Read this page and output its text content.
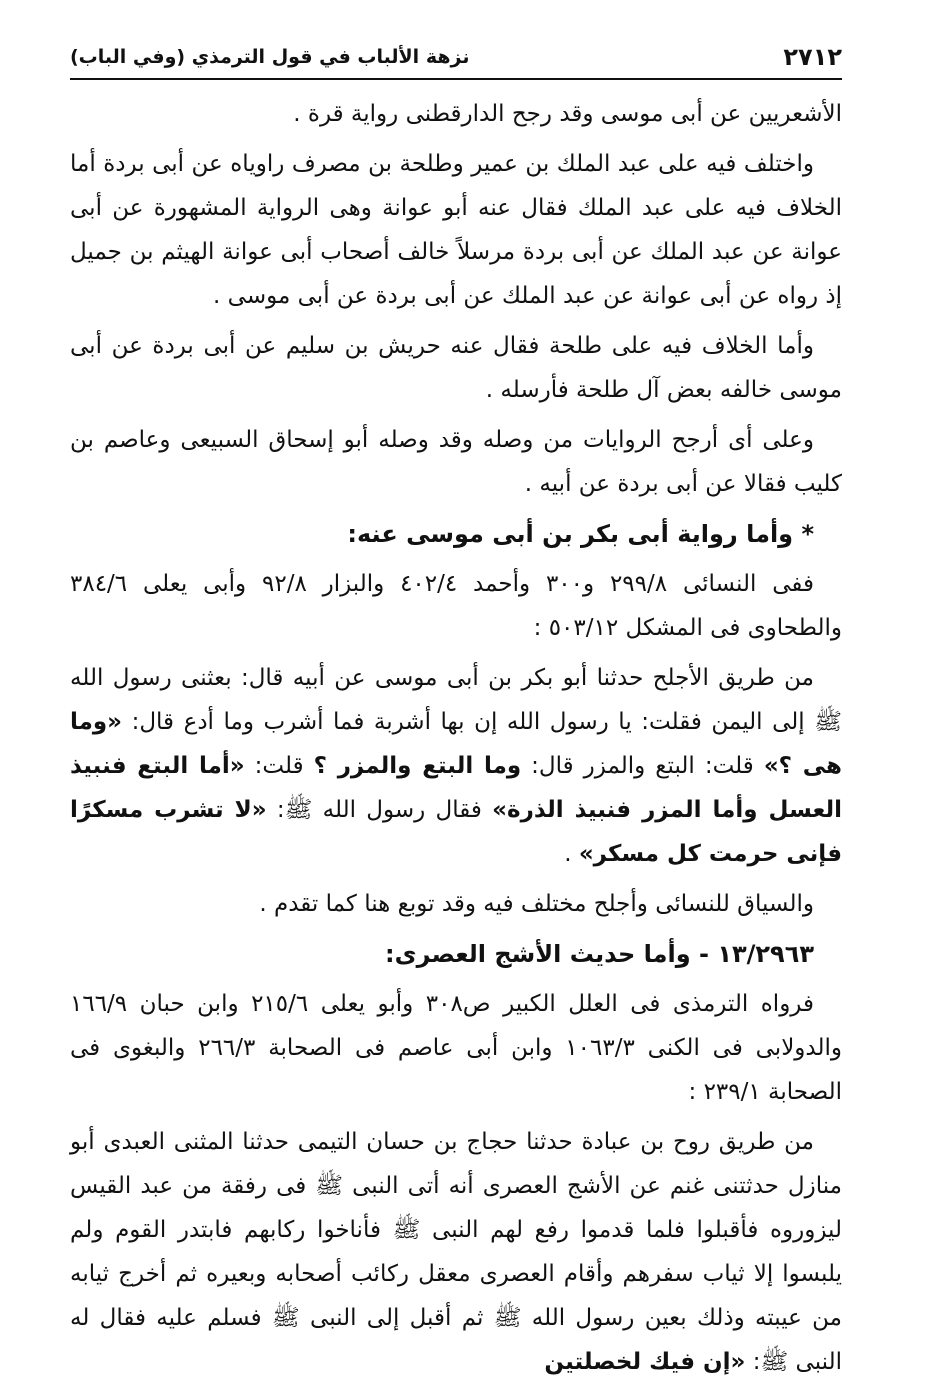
٢٧١٢
نزهة الألباب في قول الترمذي (وفي الباب)

الأشعريين عن أبى موسى وقد رجح الدارقطنى رواية قرة .

واختلف فيه على عبد الملك بن عمير وطلحة بن مصرف راوياه عن أبى بردة أما الخلاف فيه على عبد الملك فقال عنه أبو عوانة وهى الرواية المشهورة عن أبى عوانة عن عبد الملك عن أبى بردة مرسلاً خالف أصحاب أبى عوانة الهيثم بن جميل إذ رواه عن أبى عوانة عن عبد الملك عن أبى بردة عن أبى موسى .

وأما الخلاف فيه على طلحة فقال عنه حريش بن سليم عن أبى بردة عن أبى موسى خالفه بعض آل طلحة فأرسله .

وعلى أى أرجح الروايات من وصله وقد وصله أبو إسحاق السبيعى وعاصم بن كليب فقالا عن أبى بردة عن أبيه .

* وأما رواية أبى بكر بن أبى موسى عنه:

ففى النسائى ٢٩٩/٨ و٣٠٠ وأحمد ٤٠٢/٤ والبزار ٩٢/٨ وأبى يعلى ٣٨٤/٦ والطحاوى فى المشكل ٥٠٣/١٢ :

من طريق الأجلح حدثنا أبو بكر بن أبى موسى عن أبيه قال: بعثنى رسول الله ﷺ إلى اليمن فقلت: يا رسول الله إن بها أشربة فما أشرب وما أدع قال: «وما هى ؟» قلت: البتع والمزر قال: وما البتع والمزر ؟ قلت: «أما البتع فنبيذ العسل وأما المزر فنبيذ الذرة» فقال رسول الله ﷺ: «لا تشرب مسكرًا فإنى حرمت كل مسكر» .

والسياق للنسائى وأجلح مختلف فيه وقد توبع هنا كما تقدم .

١٣/٢٩٦٣ - وأما حديث الأشج العصرى:

فرواه الترمذى فى العلل الكبير ص٣٠٨ وأبو يعلى ٢١٥/٦ وابن حبان ١٦٦/٩ والدولابى فى الكنى ١٠٦٣/٣ وابن أبى عاصم فى الصحابة ٢٦٦/٣ والبغوى فى الصحابة ٢٣٩/١ :

من طريق روح بن عبادة حدثنا حجاج بن حسان التيمى حدثنا المثنى العبدى أبو منازل حدثتنى غنم عن الأشج العصرى أنه أتى النبى ﷺ فى رفقة من عبد القيس ليزوروه فأقبلوا فلما قدموا رفع لهم النبى ﷺ فأناخوا ركابهم فابتدر القوم ولم يلبسوا إلا ثياب سفرهم وأقام العصرى معقل ركائب أصحابه وبعيره ثم أخرج ثيابه من عيبته وذلك بعين رسول الله ﷺ ثم أقبل إلى النبى ﷺ فسلم عليه فقال له النبى ﷺ: «إن فيك لخصلتين
